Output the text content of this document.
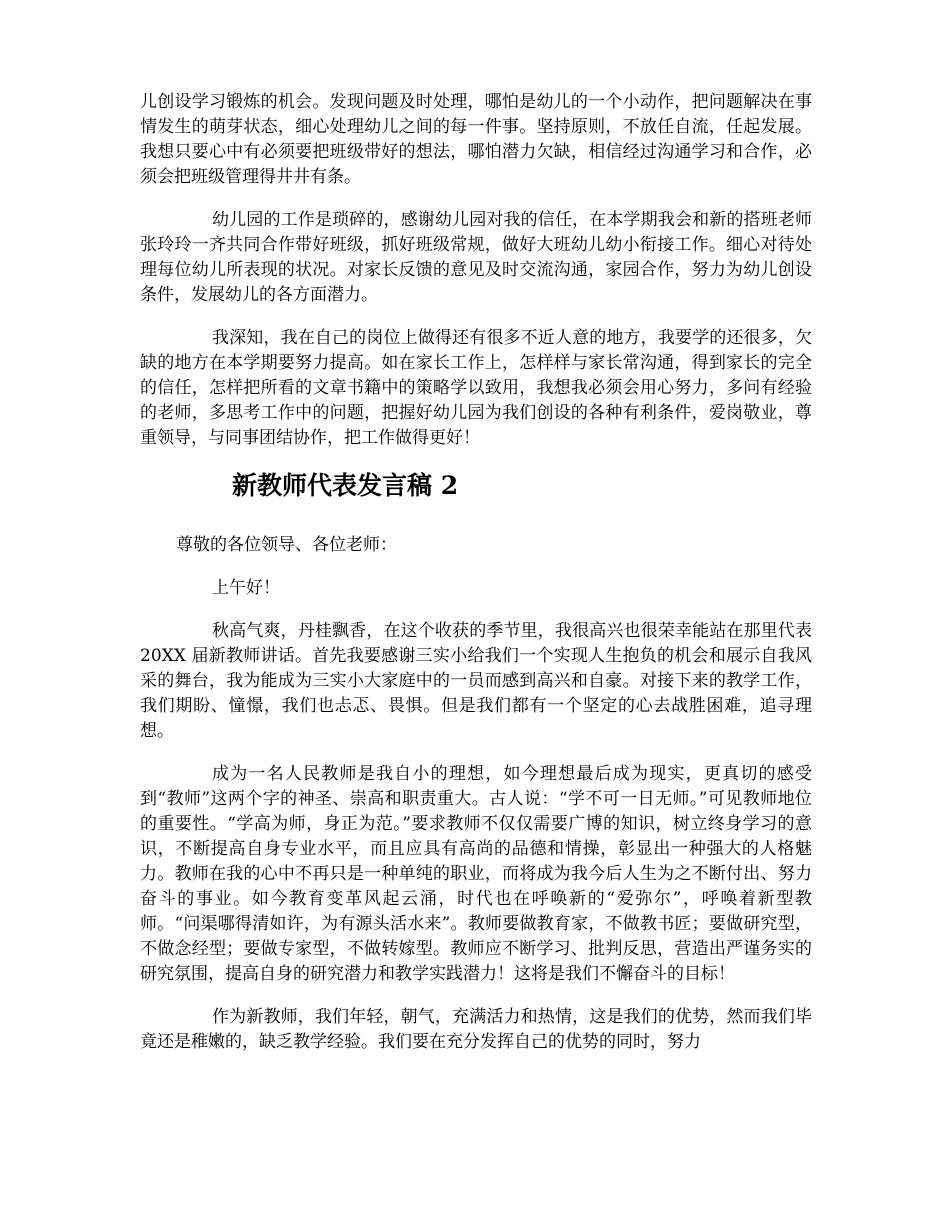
儿创设学习锻炼的机会。发现问题及时处理，哪怕是幼儿的一个小动作，把问题解决在事情发生的萌芽状态，细心处理幼儿之间的每一件事。坚持原则，不放任自流，任起发展。我想只要心中有必须要把班级带好的想法，哪怕潜力欠缺，相信经过沟通学习和合作，必须会把班级管理得井井有条。

幼儿园的工作是琐碎的，感谢幼儿园对我的信任，在本学期我会和新的搭班老师张玲玲一齐共同合作带好班级，抓好班级常规，做好大班幼儿幼小衔接工作。细心对待处理每位幼儿所表现的状况。对家长反馈的意见及时交流沟通，家园合作，努力为幼儿创设条件，发展幼儿的各方面潜力。

我深知，我在自己的岗位上做得还有很多不近人意的地方，我要学的还很多，欠缺的地方在本学期要努力提高。如在家长工作上，怎样样与家长常沟通，得到家长的完全的信任，怎样把所看的文章书籍中的策略学以致用，我想我必须会用心努力，多问有经验的老师，多思考工作中的问题，把握好幼儿园为我们创设的各种有利条件，爱岗敬业，尊重领导，与同事团结协作，把工作做得更好！

新教师代表发言稿 2

尊敬的各位领导、各位老师：

上午好！

秋高气爽，丹桂飘香，在这个收获的季节里，我很高兴也很荣幸能站在那里代表 20XX 届新教师讲话。首先我要感谢三实小给我们一个实现人生抱负的机会和展示自我风采的舞台，我为能成为三实小大家庭中的一员而感到高兴和自豪。对接下来的教学工作，我们期盼、憧憬，我们也忐忑、畏惧。但是我们都有一个坚定的心去战胜困难，追寻理想。

成为一名人民教师是我自小的理想，如今理想最后成为现实，更真切的感受到“教师”这两个字的神圣、崇高和职责重大。古人说：“学不可一日无师。”可见教师地位的重要性。“学高为师，身正为范。”要求教师不仅仅需要广博的知识，树立终身学习的意识，不断提高自身专业水平，而且应具有高尚的品德和情操，彰显出一种强大的人格魅力。教师在我的心中不再只是一种单纯的职业，而将成为我今后人生为之不断付出、努力奋斗的事业。如今教育变革风起云涌，时代也在呼唤新的“爱弥尔”，呼唤着新型教师。“问渠哪得清如许，为有源头活水来”。教师要做教育家，不做教书匠；要做研究型，不做念经型；要做专家型，不做转嫁型。教师应不断学习、批判反思，营造出严谨务实的研究氛围，提高自身的研究潜力和教学实践潜力！这将是我们不懈奋斗的目标！

作为新教师，我们年轻，朝气，充满活力和热情，这是我们的优势，然而我们毕竟还是稚嫩的，缺乏教学经验。我们要在充分发挥自己的优势的同时，努力
